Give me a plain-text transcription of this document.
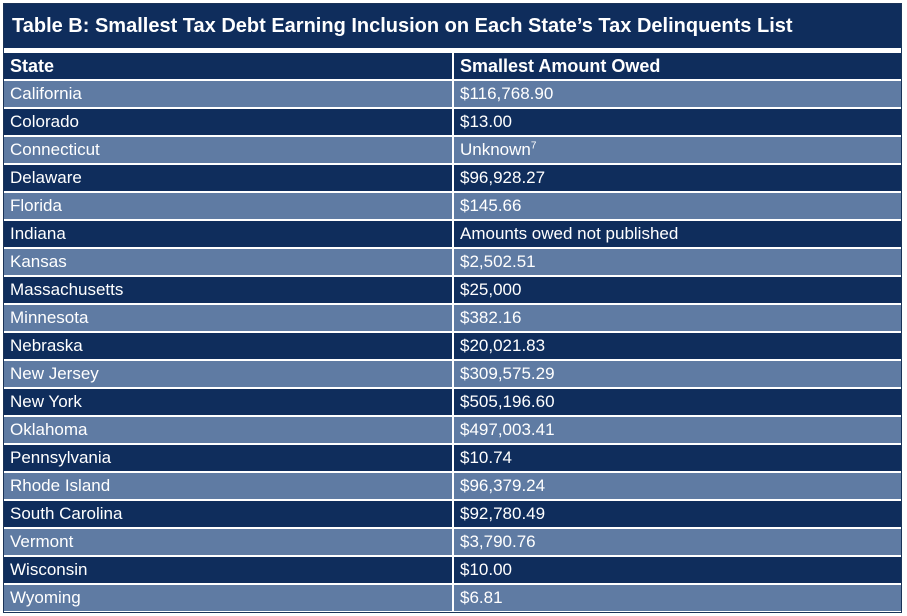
Table B: Smallest Tax Debt Earning Inclusion on Each State’s Tax Delinquents List
State	Smallest Amount Owed
California	$116,768.90
Colorado	$13.00
Connecticut	Unknown$^7$
Delaware	$96,928.27
Florida	$145.66
Indiana	Amounts owed not published
Kansas	$2,502.51
Massachusetts	$25,000
Minnesota	$382.16
Nebraska	$20,021.83
New Jersey	$309,575.29
New York	$505,196.60
Oklahoma	$497,003.41
Pennsylvania	$10.74
Rhode Island	$96,379.24
South Carolina	$92,780.49
Vermont	$3,790.76
Wisconsin	$10.00
Wyoming	$6.81
